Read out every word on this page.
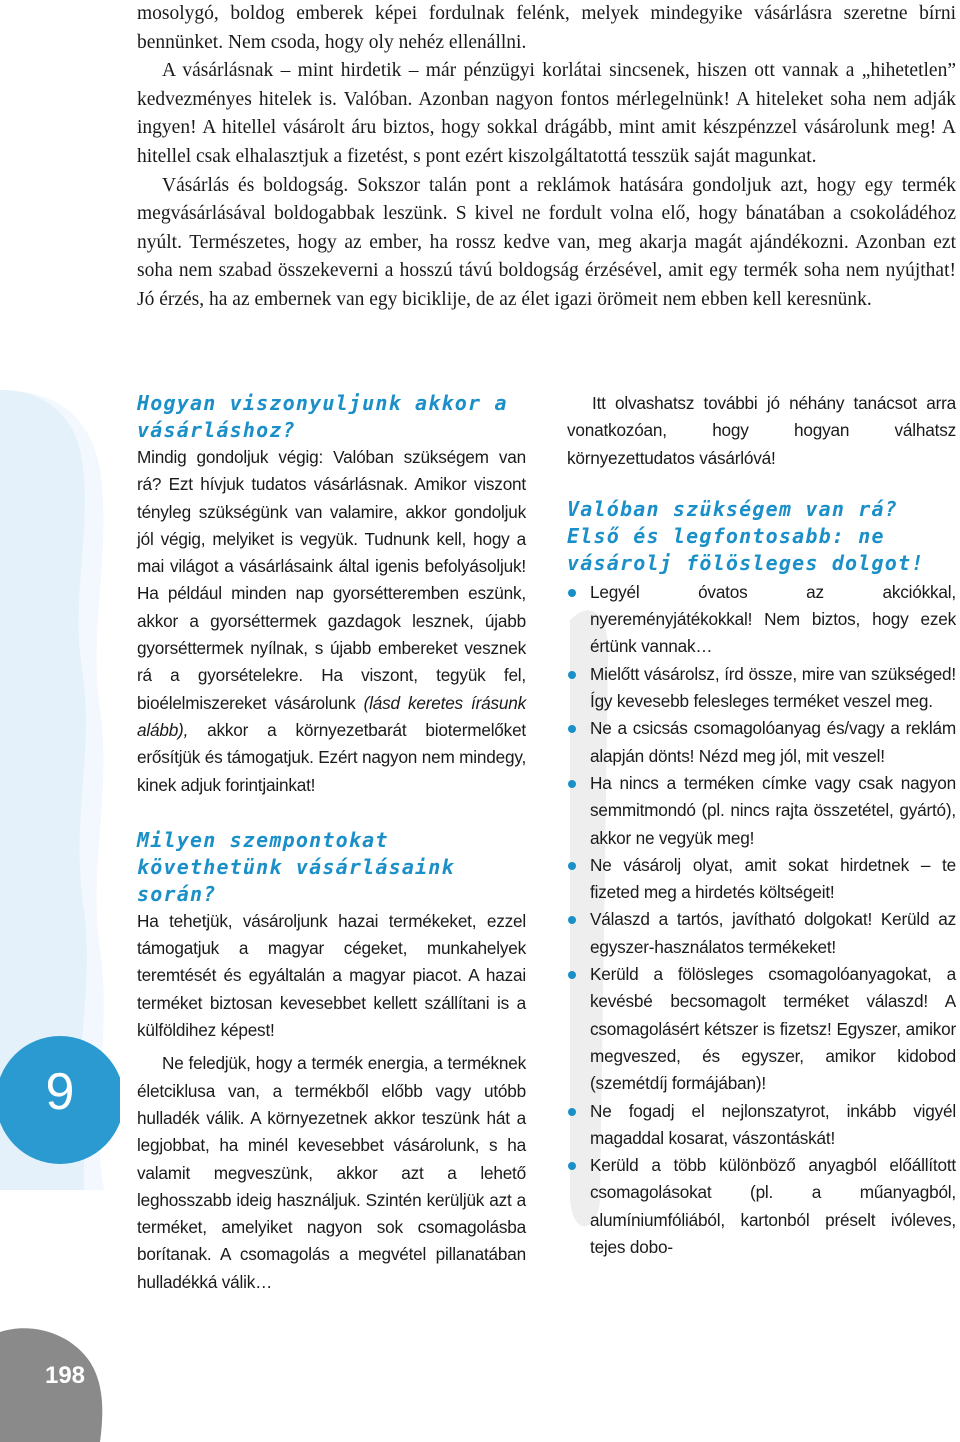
mosolygó, boldog emberek képei fordulnak felénk, melyek mindegyike vásárlásra szeretne bírni bennünket. Nem csoda, hogy oly nehéz ellenállni.

A vásárlásnak – mint hirdetik – már pénzügyi korlátai sincsenek, hiszen ott vannak a „hihetetlen” kedvezményes hitelek is. Valóban. Azonban nagyon fontos mérlegelnünk! A hiteleket soha nem adják ingyen! A hitellel vásárolt áru biztos, hogy sokkal drágább, mint amit készpénzzel vásárolunk meg! A hitellel csak elhalasztjuk a fizetést, s pont ezért kiszolgáltatottá tesszük saját magunkat.

Vásárlás és boldogság. Sokszor talán pont a reklámok hatására gondoljuk azt, hogy egy termék megvásárlásával boldogabbak leszünk. S kivel ne fordult volna elő, hogy bánatában a csokoládéhoz nyúlt. Természetes, hogy az ember, ha rossz kedve van, meg akarja magát ajándékozni. Azonban ezt soha nem szabad összekeverni a hosszú távú boldogság érzésével, amit egy termék soha nem nyújthat! Jó érzés, ha az embernek van egy biciklije, de az élet igazi örömeit nem ebben kell keresnünk.

9
198
Hogyan viszonyuljunk akkor a vásárláshoz?

Mindig gondoljuk végig: Valóban szükségem van rá? Ezt hívjuk tudatos vásárlásnak. Amikor viszont tényleg szükségünk van valamire, akkor gondoljuk jól végig, melyiket is vegyük. Tudnunk kell, hogy a mai világot a vásárlásaink által igenis befolyásoljuk! Ha például minden nap gyorsétteremben eszünk, akkor a gyorséttermek gazdagok lesznek, újabb gyorséttermek nyílnak, s újabb embereket vesznek rá a gyorsételekre. Ha viszont, tegyük fel, bioélelmiszereket vásárolunk (lásd keretes írásunk alább), akkor a környezetbarát biotermelőket erősítjük és támogatjuk. Ezért nagyon nem mindegy, kinek adjuk forintjainkat!

Milyen szempontokat követhetünk vásárlásaink során?

Ha tehetjük, vásároljunk hazai termékeket, ezzel támogatjuk a magyar cégeket, munkahelyek teremtését és egyáltalán a magyar piacot. A hazai terméket biztosan kevesebbet kellett szállítani is a külföldihez képest!

Ne feledjük, hogy a termék energia, a terméknek életciklusa van, a termékből előbb vagy utóbb hulladék válik. A környezetnek akkor teszünk hát a legjobbat, ha minél kevesebbet vásárolunk, s ha valamit megveszünk, akkor azt a lehető leghosszabb ideig használjuk. Szintén kerüljük azt a terméket, amelyiket nagyon sok csomagolásba borítanak. A csomagolás a megvétel pillanatában hulladékká válik…

Itt olvashatsz további jó néhány tanácsot arra vonatkozóan, hogy hogyan válhatsz környezettudatos vásárlóvá!

Valóban szükségem van rá? Első és legfontosabb: ne vásárolj fölösleges dolgot!
Legyél óvatos az akciókkal, nyereményjátékokkal! Nem biztos, hogy ezek értünk vannak…
Mielőtt vásárolsz, írd össze, mire van szükséged! Így kevesebb felesleges terméket veszel meg.
Ne a csicsás csomagolóanyag és/vagy a reklám alapján dönts! Nézd meg jól, mit veszel!
Ha nincs a terméken címke vagy csak nagyon semmitmondó (pl. nincs rajta összetétel, gyártó), akkor ne vegyük meg!
Ne vásárolj olyat, amit sokat hirdetnek – te fizeted meg a hirdetés költségeit!
Válaszd a tartós, javítható dolgokat! Kerüld az egyszer-használatos termékeket!
Kerüld a fölösleges csomagolóanyagokat, a kevésbé becsomagolt terméket válaszd! A csomagolásért kétszer is fizetsz! Egyszer, amikor megveszed, és egyszer, amikor kidobod (szemétdíj formájában)!
Ne fogadj el nejlonszatyrot, inkább vigyél magaddal kosarat, vászontáskát!
Kerüld a több különböző anyagból előállított csomagolásokat (pl. a műanyagból, alumíniumfóliából, kartonból préselt ivóleves, tejes dobo-
